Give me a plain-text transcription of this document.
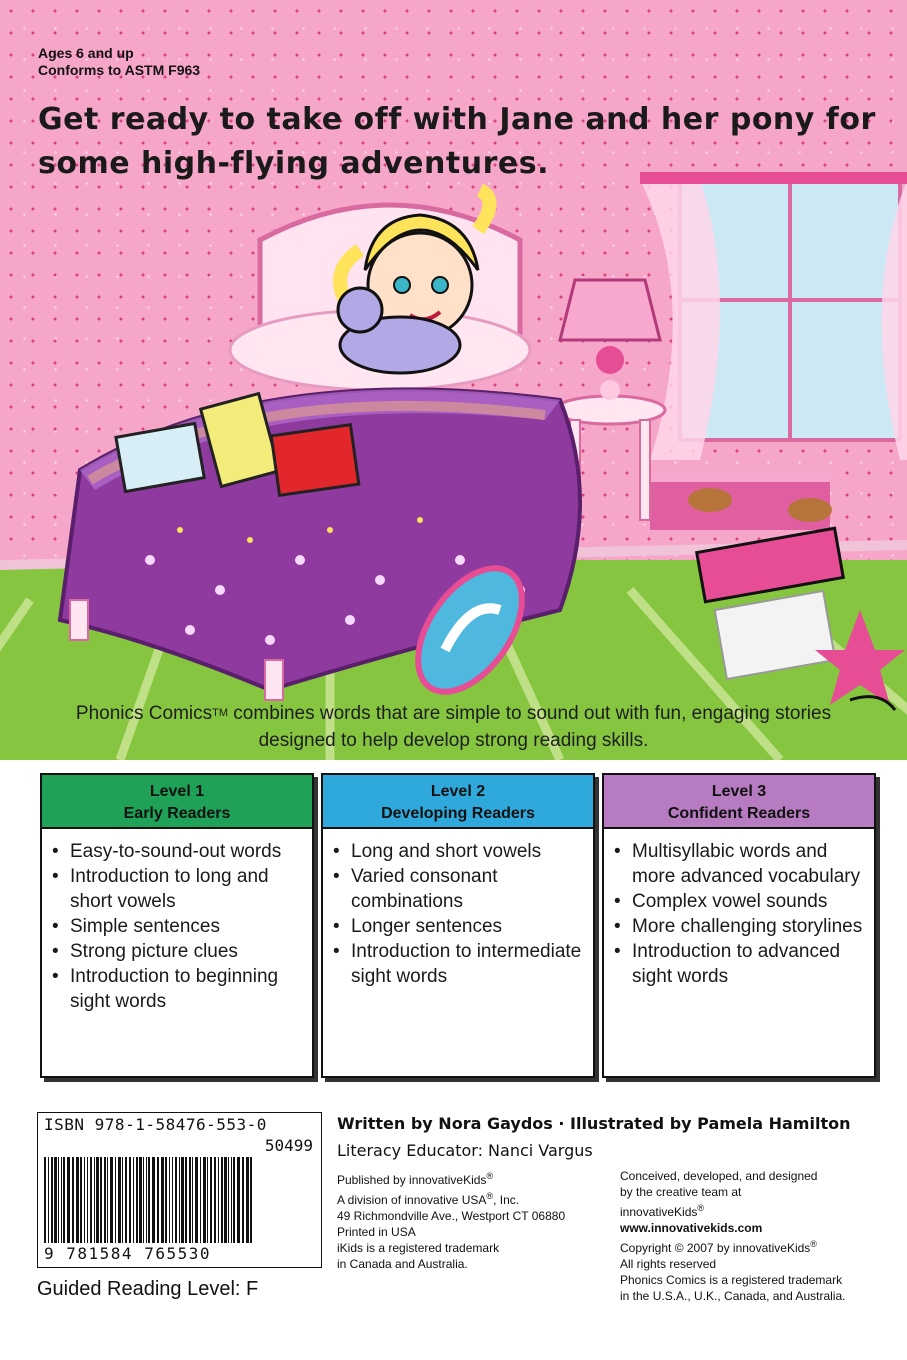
Ages 6 and up
Conforms to ASTM F963
Get ready to take off with Jane and her pony for some high-flying adventures.
Phonics Comics™ combines words that are simple to sound out with fun, engaging stories designed to help develop strong reading skills.
Level 1
Early Readers
• Easy-to-sound-out words
• Introduction to long and short vowels
• Simple sentences
• Strong picture clues
• Introduction to beginning sight words
Level 2
Developing Readers
• Long and short vowels
• Varied consonant combinations
• Longer sentences
• Introduction to intermediate sight words
Level 3
Confident Readers
• Multisyllabic words and more advanced vocabulary
• Complex vowel sounds
• More challenging storylines
• Introduction to advanced sight words
ISBN 978-1-58476-553-0
50499
9 781584 765530
Guided Reading Level: F
Written by Nora Gaydos · Illustrated by Pamela Hamilton
Literacy Educator: Nanci Vargus
Published by innovativeKids®
A division of innovative USA®, Inc.
49 Richmondville Ave., Westport CT 06880
Printed in USA
iKids is a registered trademark
in Canada and Australia.
Conceived, developed, and designed
by the creative team at
innovativeKids®
www.innovativekids.com
Copyright © 2007 by innovativeKids®
All rights reserved
Phonics Comics is a registered trademark
in the U.S.A., U.K., Canada, and Australia.
